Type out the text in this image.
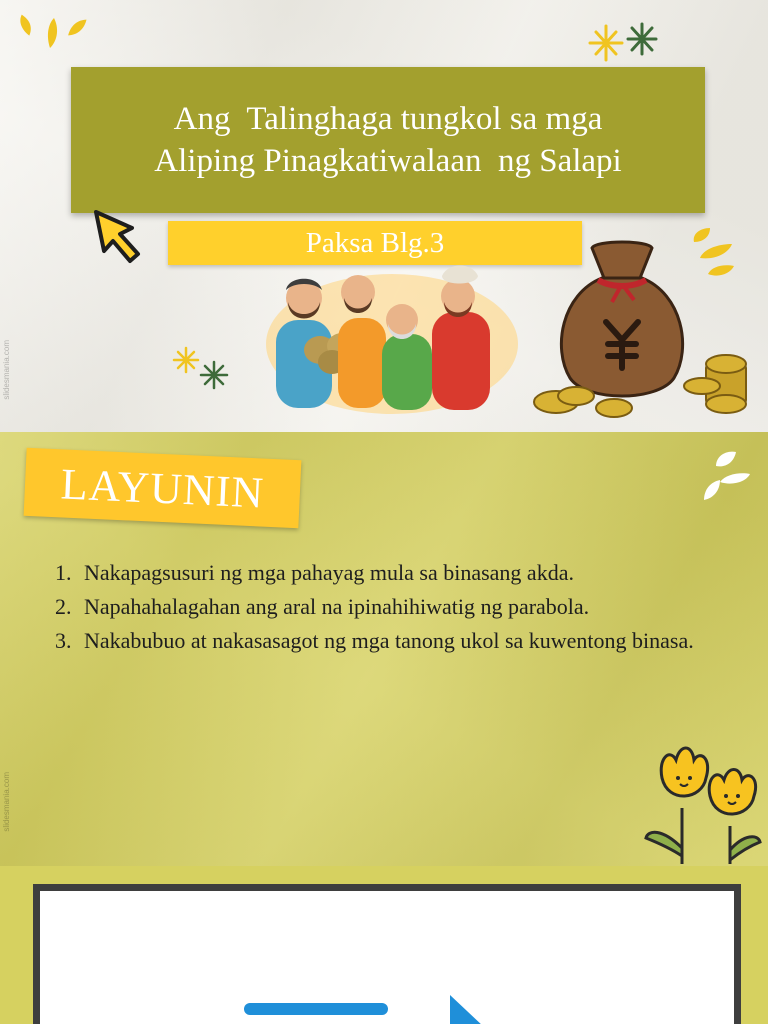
Ang  Talinghaga tungkol sa mga
Aliping Pinagkatiwalaan  ng Salapi
Paksa Blg.3
slidesmania.com
LAYUNIN
1. Nakapagsusuri ng mga pahayag mula sa binasang akda.
2. Napahahalagahan ang aral na ipinahihiwatig ng parabola.
3. Nakabubuo at nakasasagot ng mga tanong ukol sa kuwentong binasa.
slidesmania.com
